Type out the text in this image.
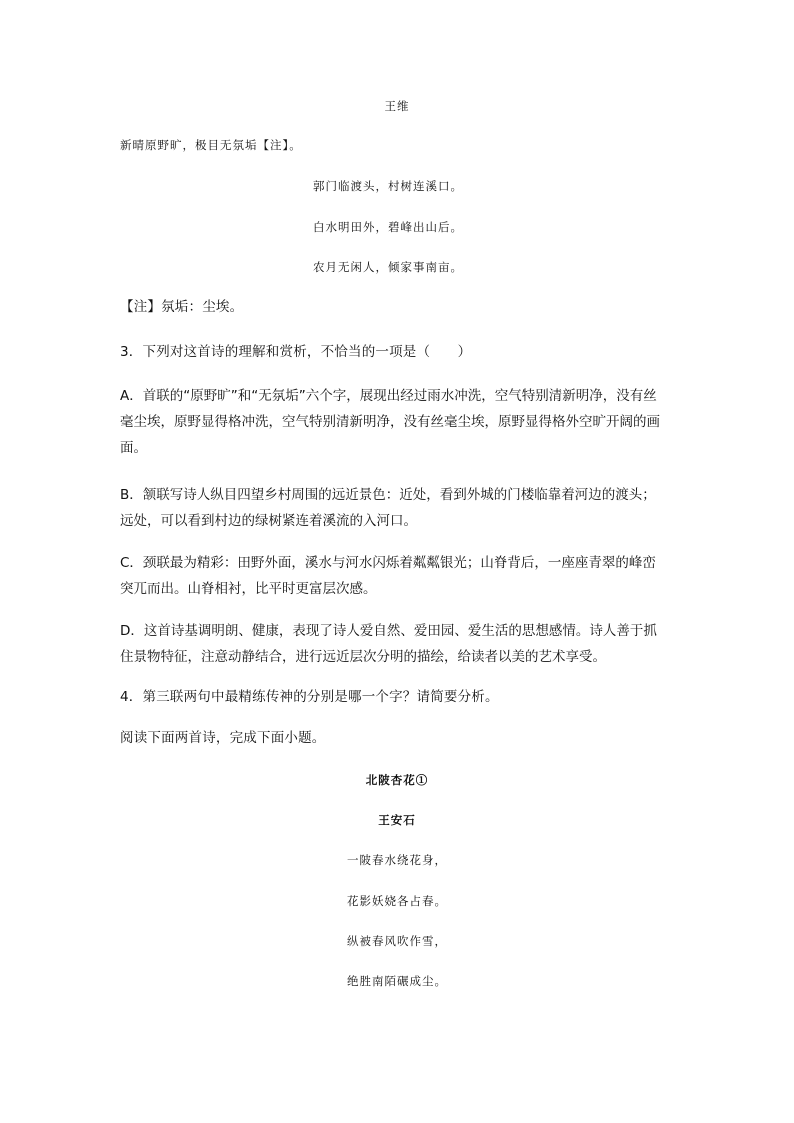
王维
新晴原野旷，极目无氛垢【注】。
郭门临渡头，村树连溪口。
白水明田外，碧峰出山后。
农月无闲人，倾家事南亩。
【注】氛垢：尘埃。
3．下列对这首诗的理解和赏析，不恰当的一项是（　　）
A．首联的“原野旷”和“无氛垢”六个字，展现出经过雨水冲洗，空气特别清新明净，没有丝
毫尘埃，原野显得格冲洗，空气特别清新明净，没有丝毫尘埃，原野显得格外空旷开阔的画
面。
B．颔联写诗人纵目四望乡村周围的远近景色：近处，看到外城的门楼临靠着河边的渡头；
远处，可以看到村边的绿树紧连着溪流的入河口。
C．颈联最为精彩：田野外面，溪水与河水闪烁着粼粼银光；山脊背后，一座座青翠的峰峦
突兀而出。山脊相衬，比平时更富层次感。
D．这首诗基调明朗、健康，表现了诗人爱自然、爱田园、爱生活的思想感情。诗人善于抓
住景物特征，注意动静结合，进行远近层次分明的描绘，给读者以美的艺术享受。
4．第三联两句中最精练传神的分别是哪一个字？请简要分析。
阅读下面两首诗，完成下面小题。
北陂杏花①
王安石
一陂春水绕花身，
花影妖娆各占春。
纵被春风吹作雪，
绝胜南陌碾成尘。
